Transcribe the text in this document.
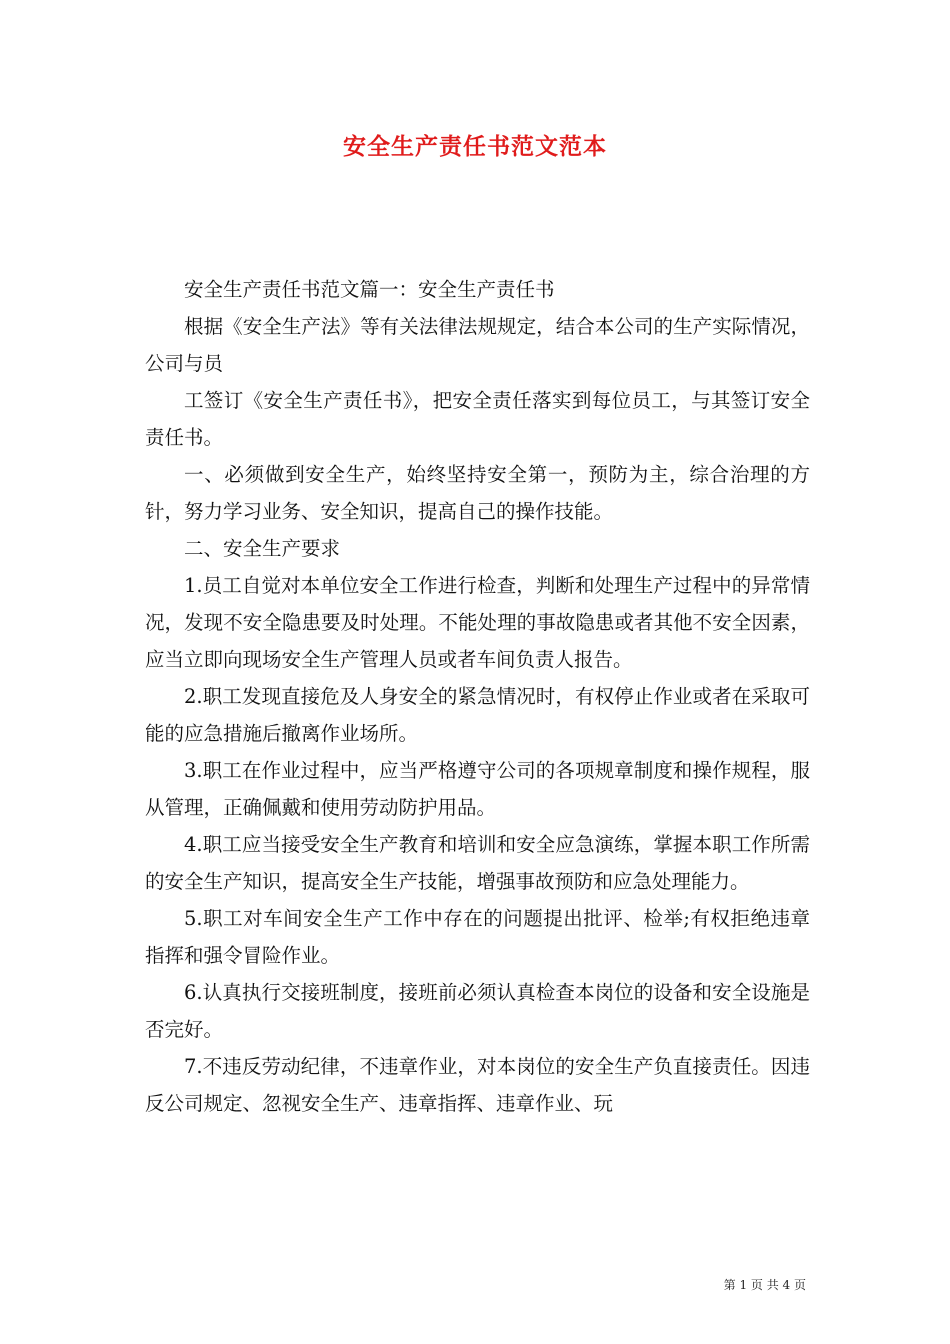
安全生产责任书范文范本

安全生产责任书范文篇一：安全生产责任书

根据《安全生产法》等有关法律法规规定，结合本公司的生产实际情况，公司与员

工签订《安全生产责任书》，把安全责任落实到每位员工，与其签订安全责任书。

一、必须做到安全生产，始终坚持安全第一，预防为主，综合治理的方针，努力学习业务、安全知识，提高自己的操作技能。

二、安全生产要求

1.员工自觉对本单位安全工作进行检查，判断和处理生产过程中的异常情况，发现不安全隐患要及时处理。不能处理的事故隐患或者其他不安全因素，应当立即向现场安全生产管理人员或者车间负责人报告。

2.职工发现直接危及人身安全的紧急情况时，有权停止作业或者在采取可能的应急措施后撤离作业场所。

3.职工在作业过程中，应当严格遵守公司的各项规章制度和操作规程，服从管理，正确佩戴和使用劳动防护用品。

4.职工应当接受安全生产教育和培训和安全应急演练，掌握本职工作所需的安全生产知识，提高安全生产技能，增强事故预防和应急处理能力。

5.职工对车间安全生产工作中存在的问题提出批评、检举;有权拒绝违章指挥和强令冒险作业。

6.认真执行交接班制度，接班前必须认真检查本岗位的设备和安全设施是否完好。

7.不违反劳动纪律，不违章作业，对本岗位的安全生产负直接责任。因违反公司规定、忽视安全生产、违章指挥、违章作业、玩

第 1 页 共 4 页
